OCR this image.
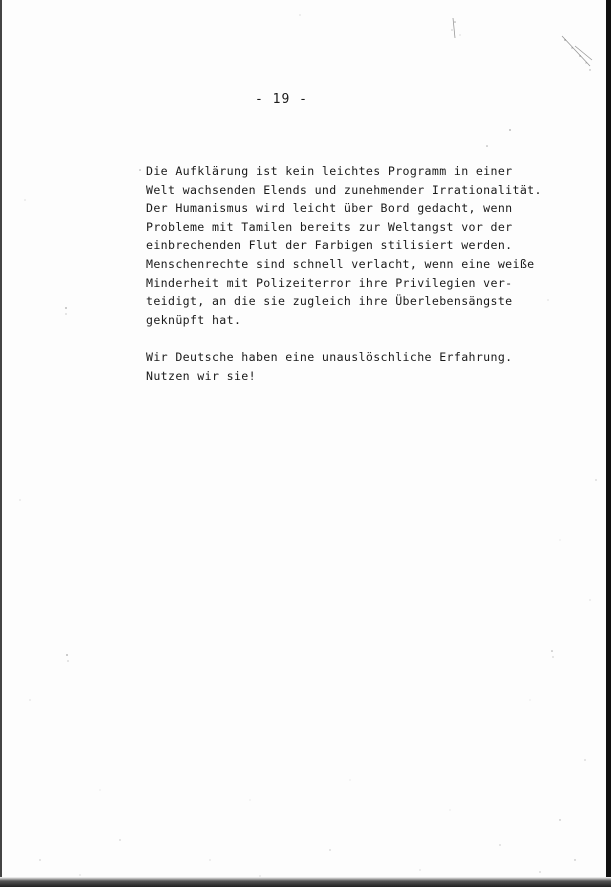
- 19 -

Die Aufklärung ist kein leichtes Programm in einer
Welt wachsenden Elends und zunehmender Irrationalität.
Der Humanismus wird leicht über Bord gedacht, wenn
Probleme mit Tamilen bereits zur Weltangst vor der
einbrechenden Flut der Farbigen stilisiert werden.
Menschenrechte sind schnell verlacht, wenn eine weiße
Minderheit mit Polizeiterror ihre Privilegien ver-
teidigt, an die sie zugleich ihre Überlebensängste
geknüpft hat.

Wir Deutsche haben eine unauslöschliche Erfahrung.
Nutzen wir sie!
